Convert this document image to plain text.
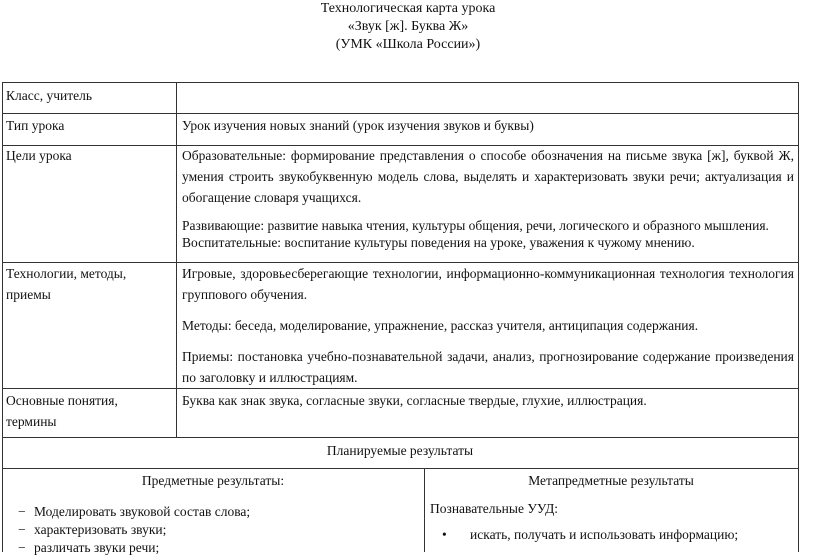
Технологическая карта урока
«Звук [ж]. Буква Ж»
(УМК «Школа России»)
Класс, учитель
Тип урока	Урок изучения новых знаний (урок изучения звуков и буквы)
Цели урока	Образовательные: формирование представления о способе обозначения на письме звука [ж], буквой Ж, умения строить звукобуквенную модель слова, выделять и характеризовать звуки речи; актуализация и обогащение словаря учащихся.

Развивающие: развитие навыка чтения, культуры общения, речи, логического и образного мышления.

Воспитательные: воспитание культуры поведения на уроке, уважения к чужому мнению.

Технологии, методы,
приемы

Игровые, здоровьесберегающие технологии, информационно-коммуникационная технология технология группового обучения.

Методы: беседа, моделирование, упражнение, рассказ учителя, антиципация содержания.

Приемы: постановка учебно-познавательной задачи, анализ, прогнозирование содержание произведения по заголовку и иллюстрациям.

Основные понятия,
термины
Буква как знак звука, согласные звуки, согласные твердые, глухие, иллюстрация.
Планируемые результаты
Предметные результаты:
− Моделировать звуковой состав слова;
− характеризовать звуки;
− различать звуки речи;
Метапредметные результаты
Познавательные УУД:
• искать, получать и использовать информацию;
